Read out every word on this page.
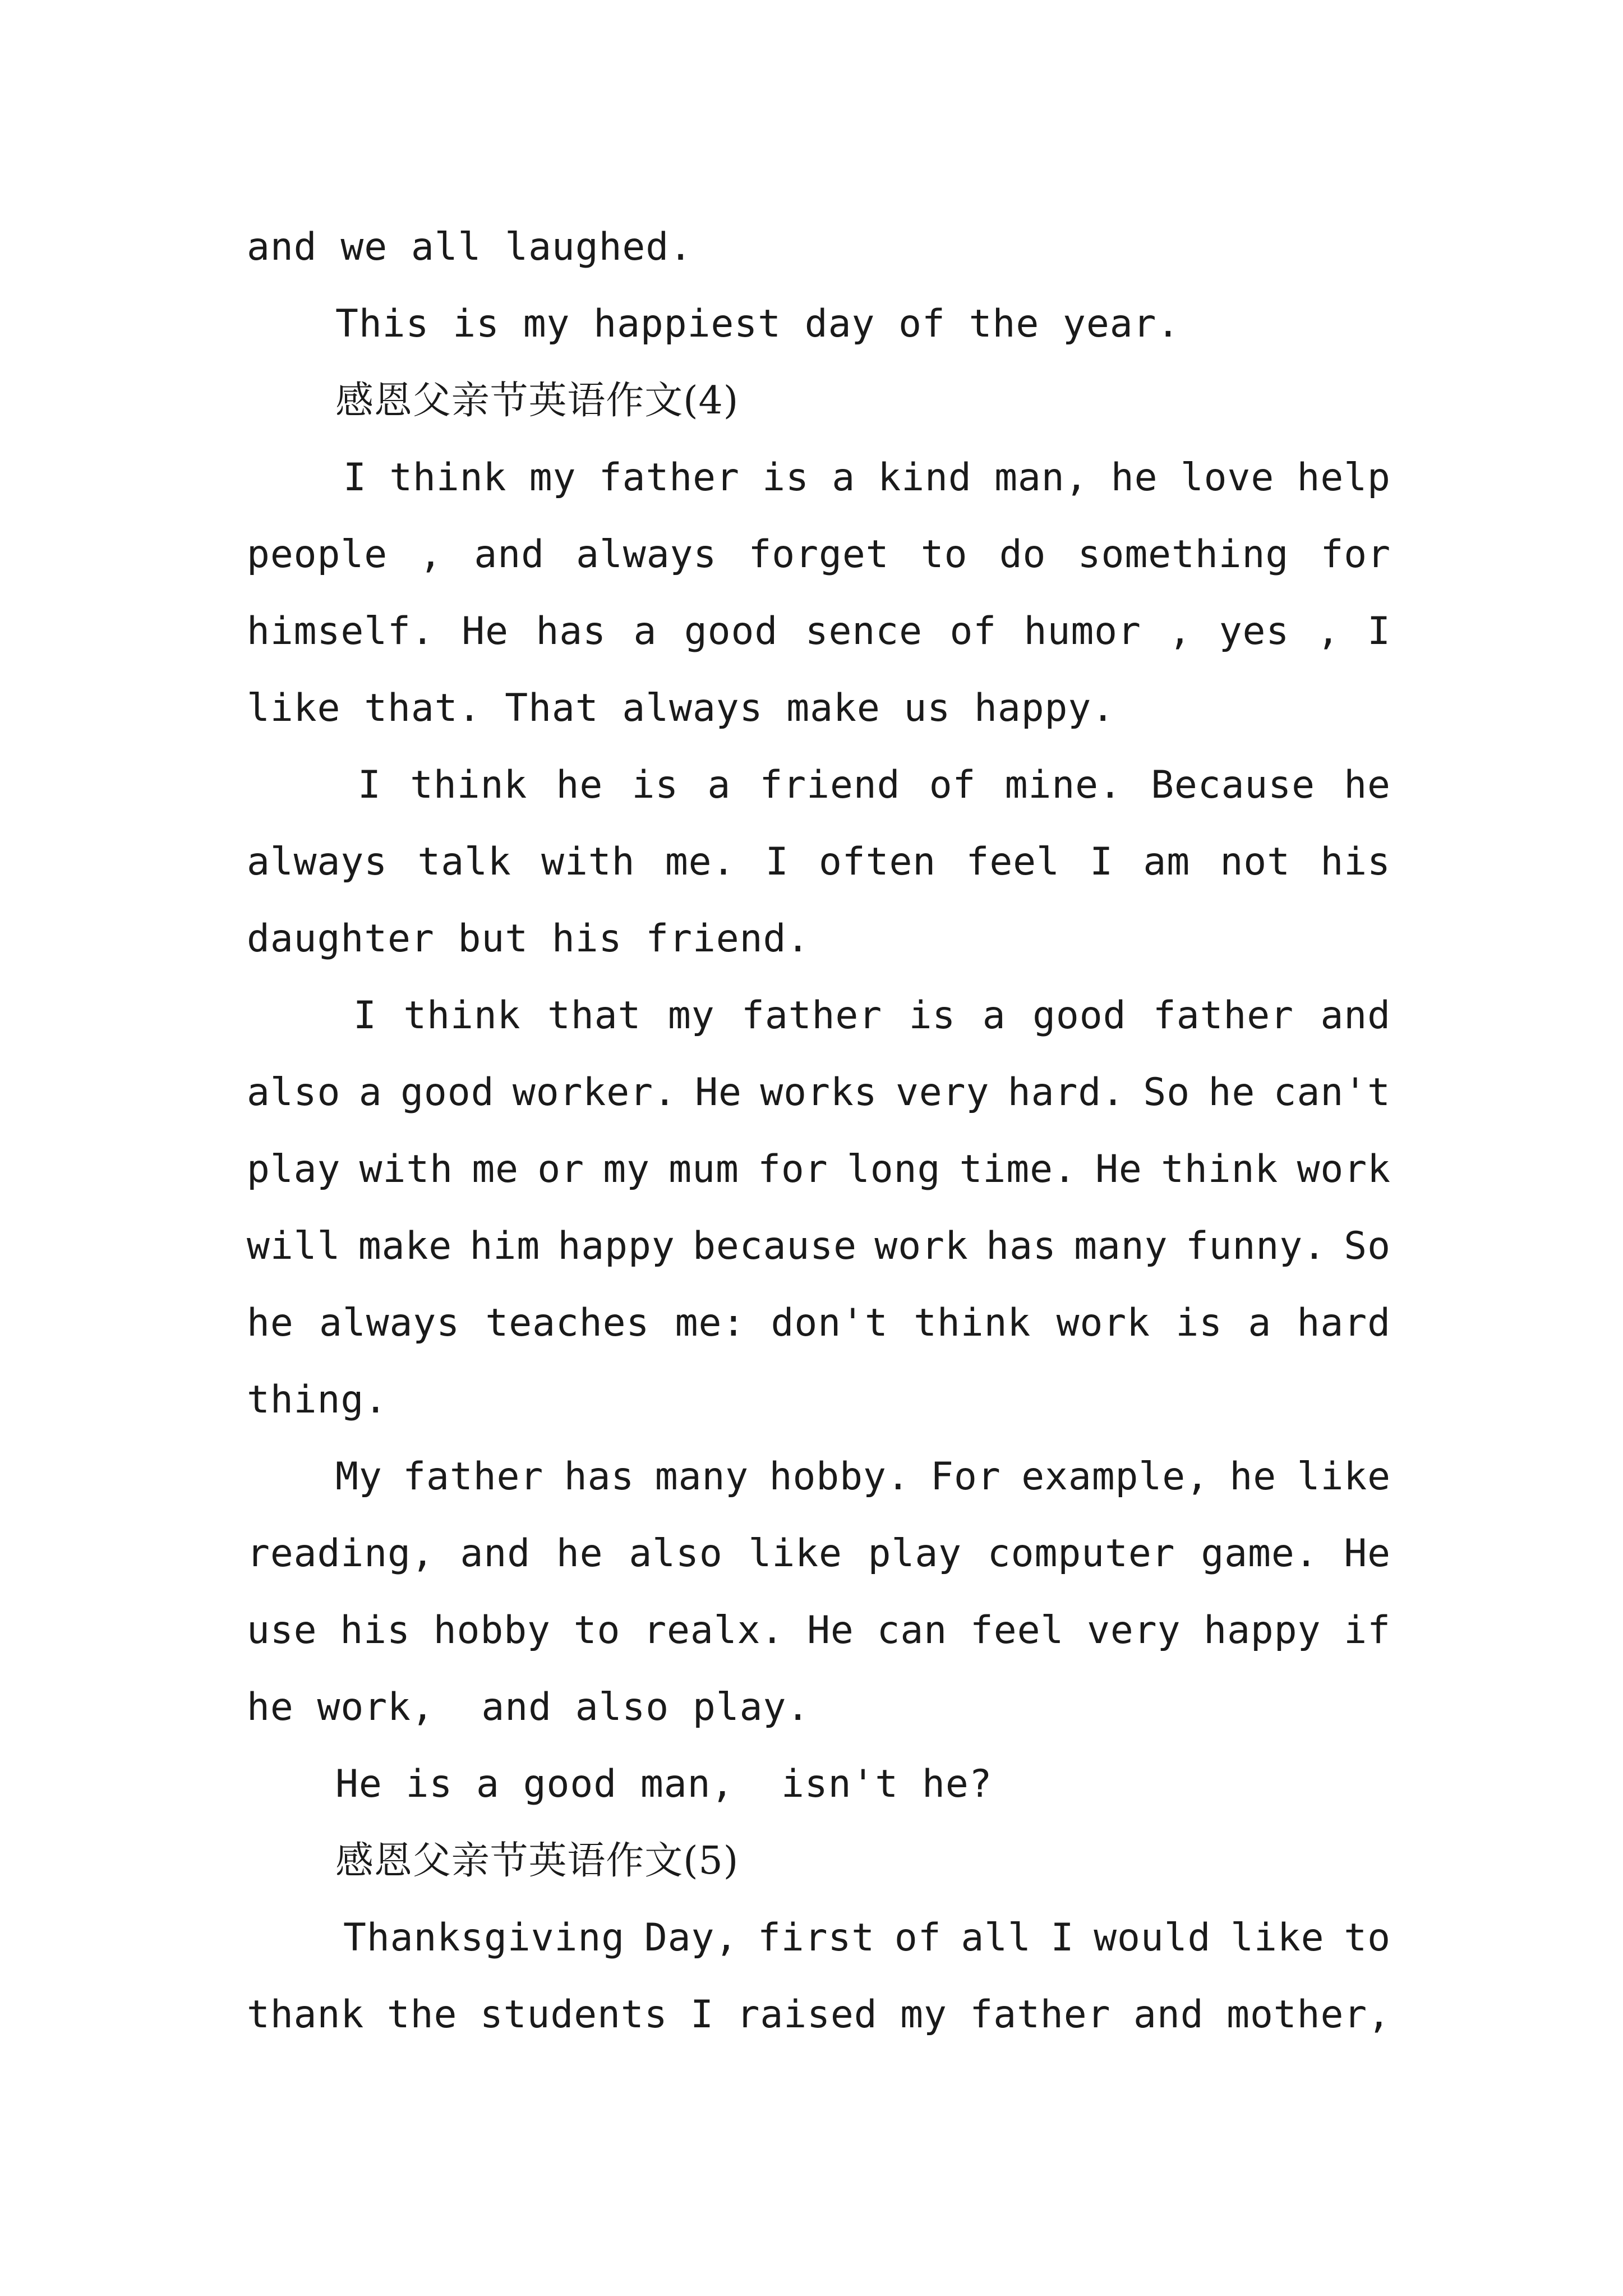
and we all laughed.
This is my happiest day of the year.
感恩父亲节英语作文(4)
I think my father is a kind man, he love help
people , and always forget to do something for
himself. He has a good sence of humor , yes , I
like that. That always make us happy.
I think he is a friend of mine. Because he
always talk with me. I often feel I am not his
daughter but his friend.
I think that my father is a good father and
also a good worker. He works very hard. So he can't
play with me or my mum for long time. He think work
will make him happy because work has many funny. So
he always teaches me: don't think work is a hard
thing.
My father has many hobby. For example, he like
reading, and he also like play computer game. He
use his hobby to realx. He can feel very happy if
he work,  and also play.
He is a good man,  isn't he?
感恩父亲节英语作文(5)
Thanksgiving Day, first of all I would like to
thank the students I raised my father and mother,
